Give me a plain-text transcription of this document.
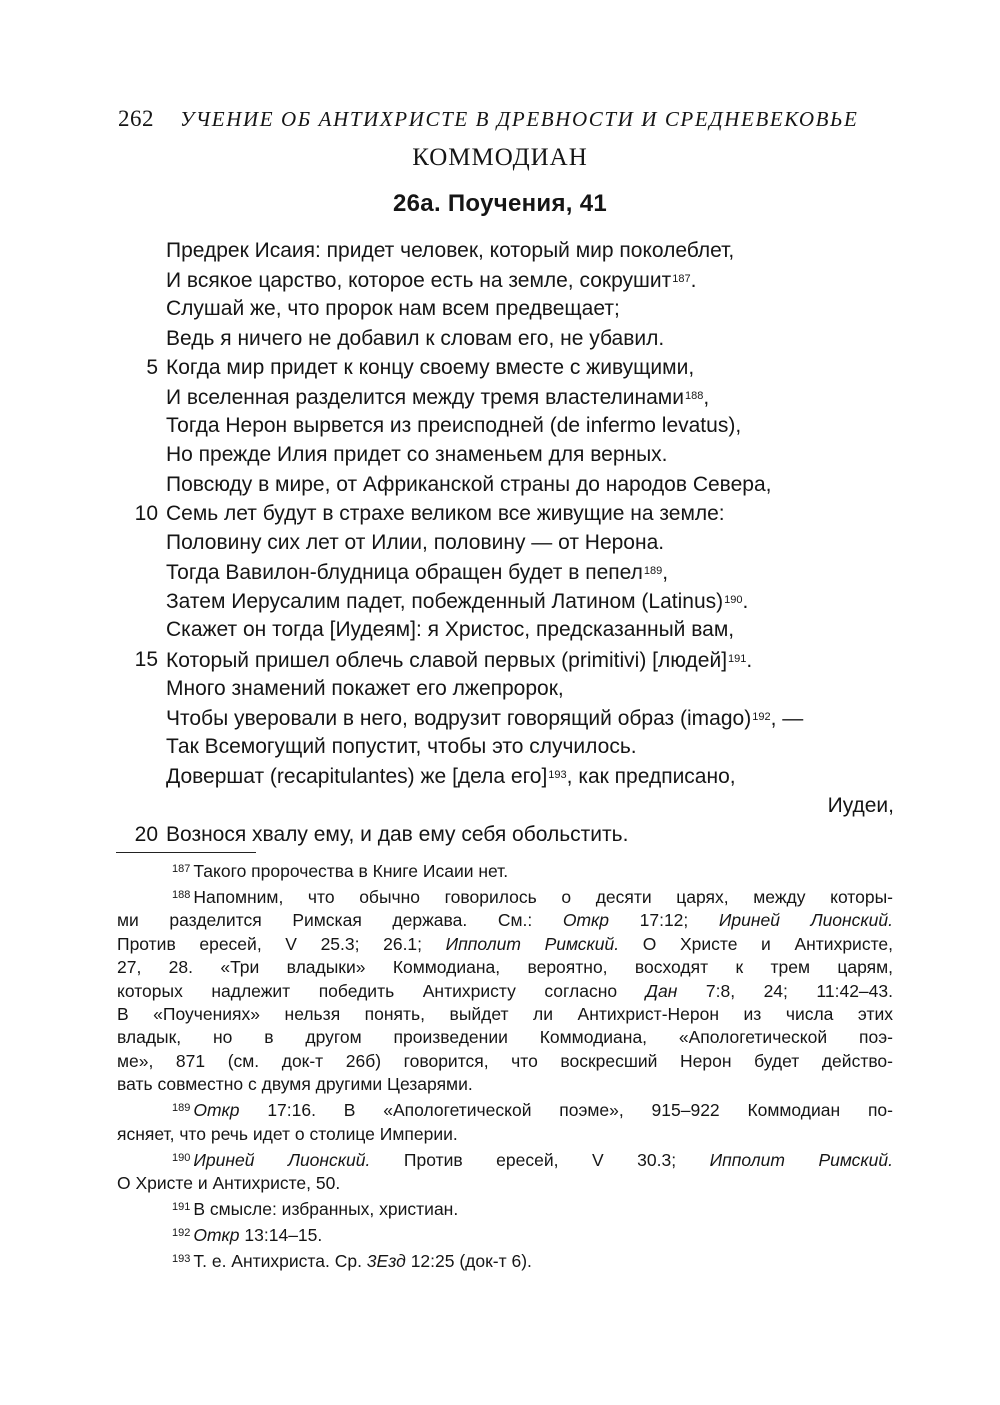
262 УЧЕНИЕ ОБ АНТИХРИСТЕ В ДРЕВНОСТИ И СРЕДНЕВЕКОВЬЕ
КОММОДИАН
26а. Поучения, 41
Предрек Исаия: придет человек, который мир поколеблет,
И всякое царство, которое есть на земле, сокрушит$^{187}$.
Слушай же, что пророк нам всем предвещает;
Ведь я ничего не добавил к словам его, не убавил.
5 Когда мир придет к концу своему вместе с живущими,
И вселенная разделится между тремя властелинами$^{188}$,
Тогда Нерон вырвется из преисподней (de infermo levatus),
Но прежде Илия придет со знаменьем для верных.
Повсюду в мире, от Африканской страны до народов Севера,
10 Семь лет будут в страхе великом все живущие на земле:
Половину сих лет от Илии, половину — от Нерона.
Тогда Вавилон-блудница обращен будет в пепел$^{189}$,
Затем Иерусалим падет, побежденный Латином (Latinus)$^{190}$.
Скажет он тогда [Иудеям]: я Христос, предсказанный вам,
15 Который пришел облечь славой первых (primitivi) [людей]$^{191}$.
Много знамений покажет его лжепророк,
Чтобы уверовали в него, водрузит говорящий образ (imago)$^{192}$, —
Так Всемогущий попустит, чтобы это случилось.
Довершат (recapitulantes) же [дела его]$^{193}$, как предписано,
Иудеи,
20 Вознося хвалу ему, и дав ему себя обольстить.
$^{187}$ Такого пророчества в Книге Исаии нет.
$^{188}$ Напомним, что обычно говорилось о десяти царях, между которы-
ми разделится Римская держава. См.: Откр 17:12; Ириней Лионский.
Против ересей, V 25.3; 26.1; Ипполит Римский. О Христе и Антихристе,
27, 28. «Три владыки» Коммодиана, вероятно, восходят к трем царям,
которых надлежит победить Антихристу согласно Дан 7:8, 24; 11:42–43.
В «Поучениях» нельзя понять, выйдет ли Антихрист-Нерон из числа этих
владык, но в другом произведении Коммодиана, «Апологетической поэ-
ме», 871 (см. док-т 26б) говорится, что воскресший Нерон будет действо-
вать совместно с двумя другими Цезарями.
$^{189}$ Откр 17:16. В «Апологетической поэме», 915–922 Коммодиан по-
ясняет, что речь идет о столице Империи.
$^{190}$ Ириней Лионский. Против ересей, V 30.3; Ипполит Римский.
О Христе и Антихристе, 50.
$^{191}$ В смысле: избранных, христиан.
$^{192}$ Откр 13:14–15.
$^{193}$ Т. е. Антихриста. Ср. 3Езд 12:25 (док-т 6).
